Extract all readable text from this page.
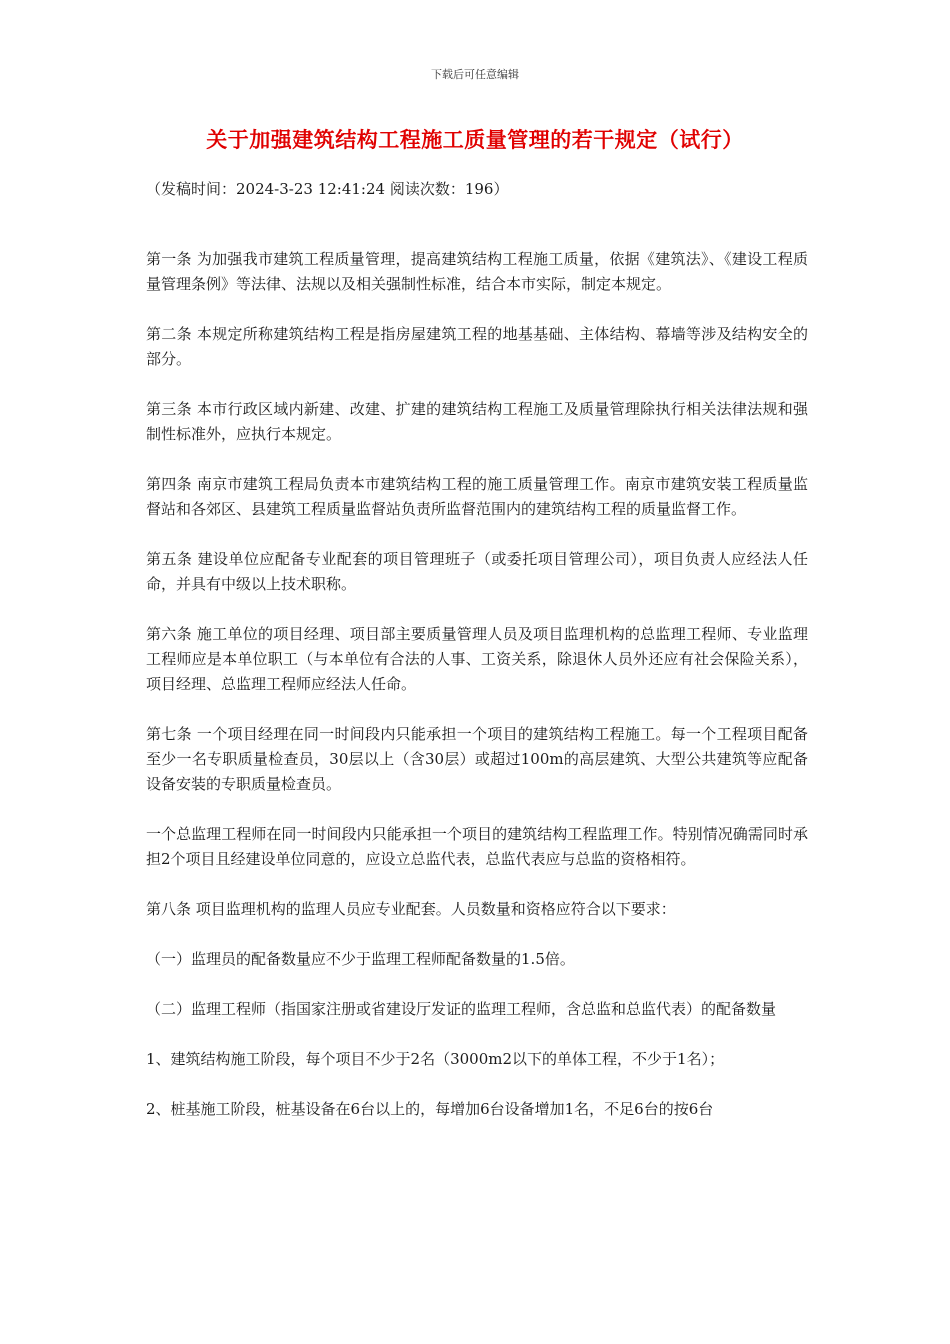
下载后可任意编辑
关于加强建筑结构工程施工质量管理的若干规定（试行）
（发稿时间：2024-3-23 12:41:24 阅读次数：196）

第一条 为加强我市建筑工程质量管理，提高建筑结构工程施工质量，依据《建筑法》、《建设工程质量管理条例》等法律、法规以及相关强制性标准，结合本市实际，制定本规定。

第二条 本规定所称建筑结构工程是指房屋建筑工程的地基基础、主体结构、幕墙等涉及结构安全的部分。

第三条 本市行政区域内新建、改建、扩建的建筑结构工程施工及质量管理除执行相关法律法规和强制性标准外，应执行本规定。

第四条 南京市建筑工程局负责本市建筑结构工程的施工质量管理工作。南京市建筑安装工程质量监督站和各郊区、县建筑工程质量监督站负责所监督范围内的建筑结构工程的质量监督工作。

第五条 建设单位应配备专业配套的项目管理班子（或委托项目管理公司），项目负责人应经法人任命，并具有中级以上技术职称。

第六条 施工单位的项目经理、项目部主要质量管理人员及项目监理机构的总监理工程师、专业监理工程师应是本单位职工（与本单位有合法的人事、工资关系，除退休人员外还应有社会保险关系），项目经理、总监理工程师应经法人任命。

第七条 一个项目经理在同一时间段内只能承担一个项目的建筑结构工程施工。每一个工程项目配备至少一名专职质量检查员，30层以上（含30层）或超过100m的高层建筑、大型公共建筑等应配备设备安装的专职质量检查员。

一个总监理工程师在同一时间段内只能承担一个项目的建筑结构工程监理工作。特别情况确需同时承担2个项目且经建设单位同意的，应设立总监代表，总监代表应与总监的资格相符。

第八条 项目监理机构的监理人员应专业配套。人员数量和资格应符合以下要求：

（一）监理员的配备数量应不少于监理工程师配备数量的1.5倍。

（二）监理工程师（指国家注册或省建设厅发证的监理工程师，含总监和总监代表）的配备数量

1、建筑结构施工阶段，每个项目不少于2名（3000m2以下的单体工程，不少于1名）；

2、桩基施工阶段，桩基设备在6台以上的，每增加6台设备增加1名，不足6台的按6台
